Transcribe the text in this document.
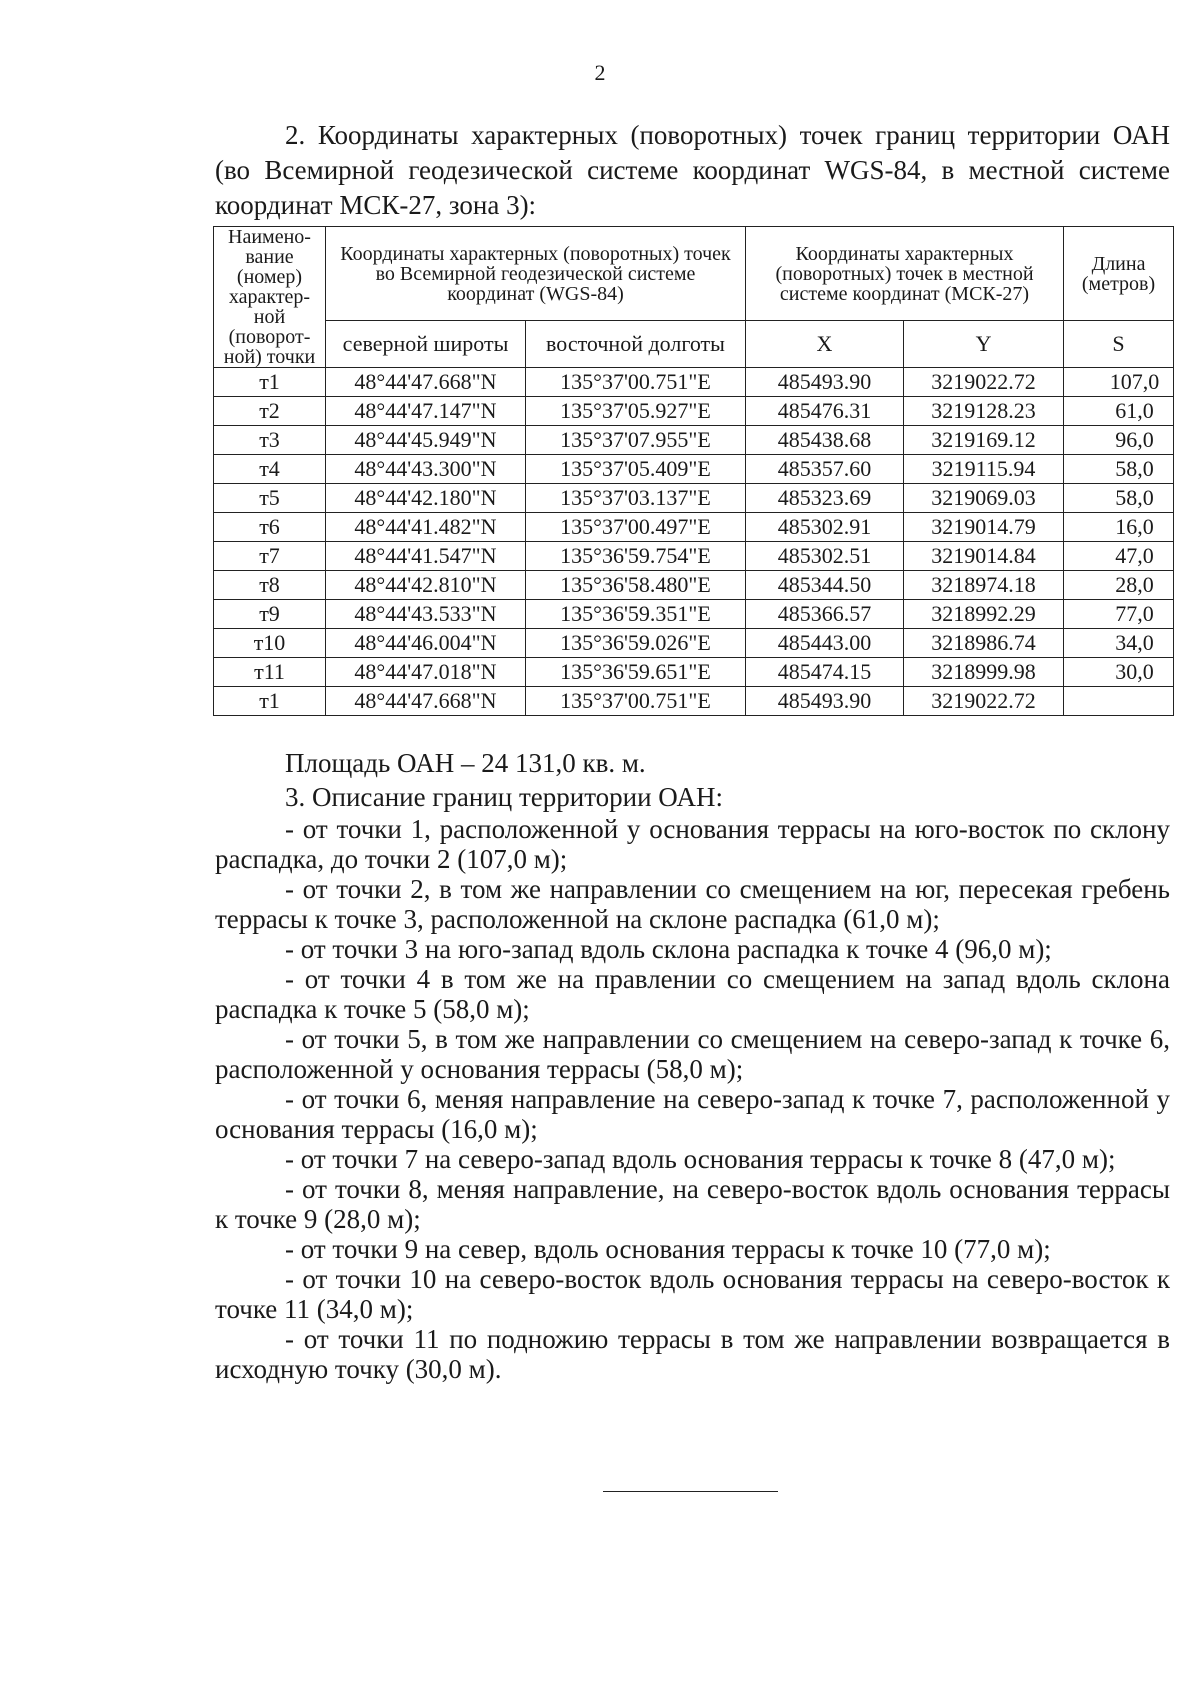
2

2. Координаты характерных (поворотных) точек границ территории ОАН (во Всемирной геодезической системе координат WGS-84, в местной системе координат МСК-27, зона 3):

Наимено-вание (номер) характер-ной (поворот-ной) точки	Координаты характерных (поворотных) точек во Всемирной геодезической системе координат (WGS-84)		Координаты характерных (поворотных) точек в местной системе координат (МСК-27)		Длина (метров)
	северной широты	восточной долготы	X	Y	S
т1	48°44'47.668"N	135°37'00.751"E	485493.90	3219022.72	107,0
т2	48°44'47.147"N	135°37'05.927"E	485476.31	3219128.23	61,0
т3	48°44'45.949"N	135°37'07.955"E	485438.68	3219169.12	96,0
т4	48°44'43.300"N	135°37'05.409"E	485357.60	3219115.94	58,0
т5	48°44'42.180"N	135°37'03.137"E	485323.69	3219069.03	58,0
т6	48°44'41.482"N	135°37'00.497"E	485302.91	3219014.79	16,0
т7	48°44'41.547"N	135°36'59.754"E	485302.51	3219014.84	47,0
т8	48°44'42.810"N	135°36'58.480"E	485344.50	3218974.18	28,0
т9	48°44'43.533"N	135°36'59.351"E	485366.57	3218992.29	77,0
т10	48°44'46.004"N	135°36'59.026"E	485443.00	3218986.74	34,0
т11	48°44'47.018"N	135°36'59.651"E	485474.15	3218999.98	30,0
т1	48°44'47.668"N	135°37'00.751"E	485493.90	3219022.72	

Площадь ОАН – 24 131,0 кв. м.

3. Описание границ территории ОАН:

- от точки 1, расположенной у основания террасы на юго-восток по склону распадка, до точки 2 (107,0 м);

- от точки 2, в том же направлении со смещением на юг, пересекая гребень террасы к точке 3, расположенной на склоне распадка (61,0 м);

- от точки 3 на юго-запад вдоль склона распадка к точке 4 (96,0 м);

- от точки 4 в том же на правлении со смещением на запад вдоль склона распадка к точке 5 (58,0 м);

- от точки 5, в том же направлении со смещением на северо-запад к точке 6, расположенной у основания террасы (58,0 м);

- от точки 6, меняя направление на северо-запад к точке 7, расположенной у основания террасы (16,0 м);

- от точки 7 на северо-запад вдоль основания террасы к точке 8 (47,0 м);

- от точки 8, меняя направление, на северо-восток вдоль основания террасы к точке 9 (28,0 м);

- от точки 9 на север, вдоль основания террасы к точке 10 (77,0 м);

- от точки 10 на северо-восток вдоль основания террасы на северо-восток к точке 11 (34,0 м);

- от точки 11 по подножию террасы в том же направлении возвращается в исходную точку (30,0 м).
